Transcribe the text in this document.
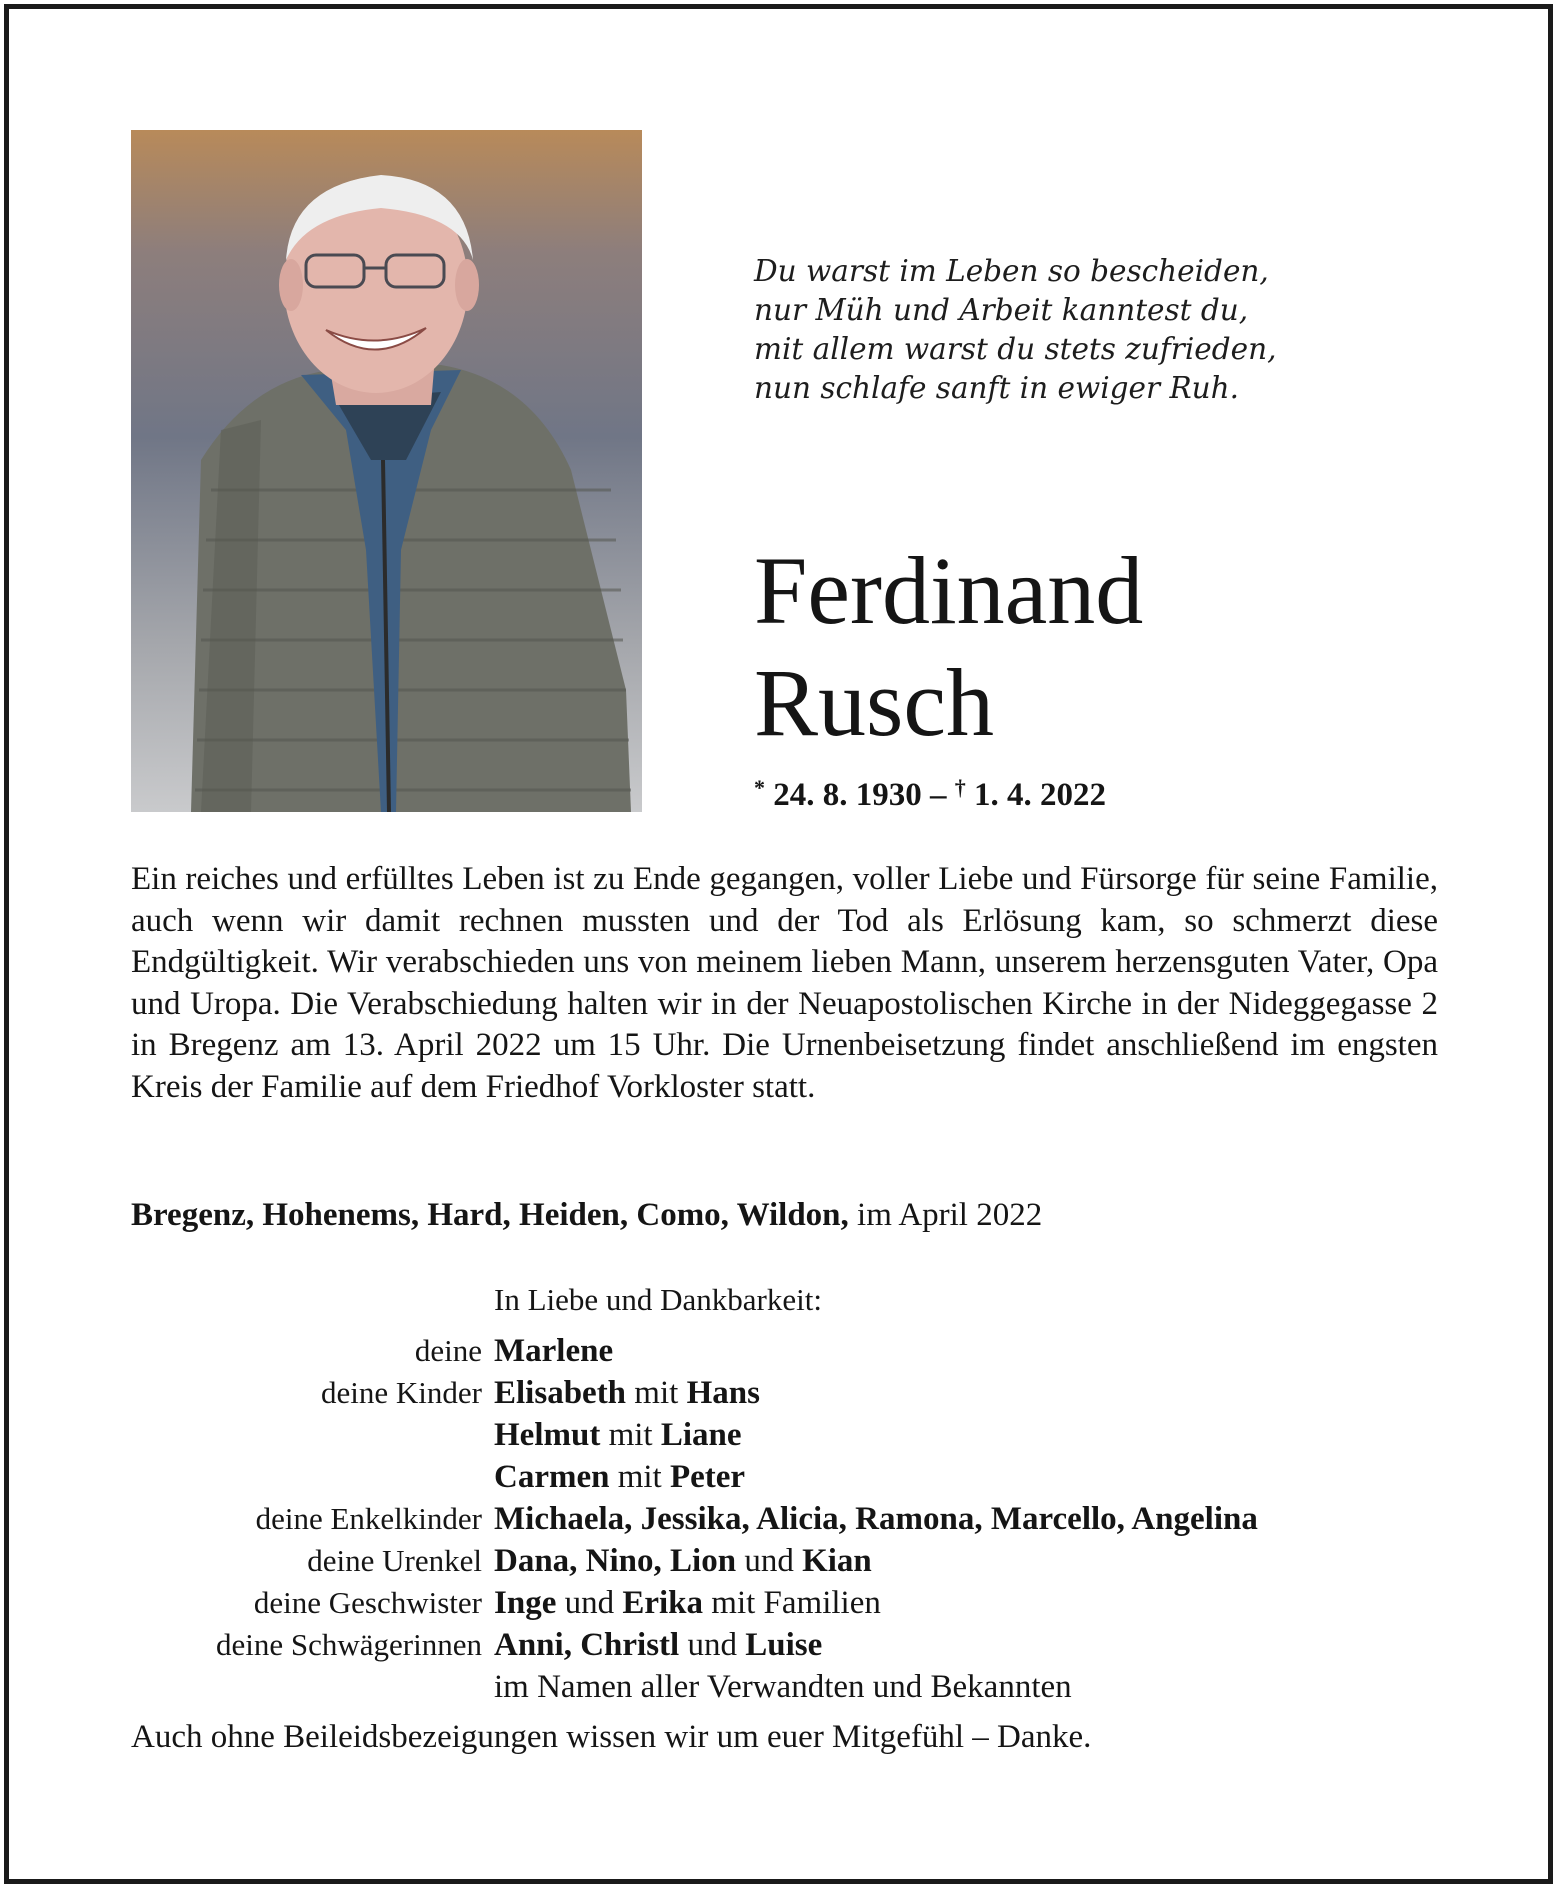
Du warst im Leben so bescheiden,
nur Müh und Arbeit kanntest du,
mit allem warst du stets zufrieden,
nun schlafe sanft in ewiger Ruh.
Ferdinand
Rusch
* 24. 8. 1930 – † 1. 4. 2022
Ein reiches und erfülltes Leben ist zu Ende gegangen, voller Liebe und Fürsorge für seine Familie, auch wenn wir damit rechnen mussten und der Tod als Erlösung kam, so schmerzt diese Endgültigkeit. Wir verabschieden uns von meinem lieben Mann, unserem herzensguten Vater, Opa und Uropa. Die Verabschiedung halten wir in der Neuapostolischen Kirche in der Nideggegasse 2 in Bregenz am 13. April 2022 um 15 Uhr. Die Urnenbeisetzung findet anschließend im engsten Kreis der Familie auf dem Friedhof Vorkloster statt.
Bregenz, Hohenems, Hard, Heiden, Como, Wildon, im April 2022
In Liebe und Dankbarkeit:
deine Marlene
deine Kinder Elisabeth mit Hans
Helmut mit Liane
Carmen mit Peter
deine Enkelkinder Michaela, Jessika, Alicia, Ramona, Marcello, Angelina
deine Urenkel Dana, Nino, Lion und Kian
deine Geschwister Inge und Erika mit Familien
deine Schwägerinnen Anni, Christl und Luise
im Namen aller Verwandten und Bekannten
Auch ohne Beileidsbezeigungen wissen wir um euer Mitgefühl – Danke.
